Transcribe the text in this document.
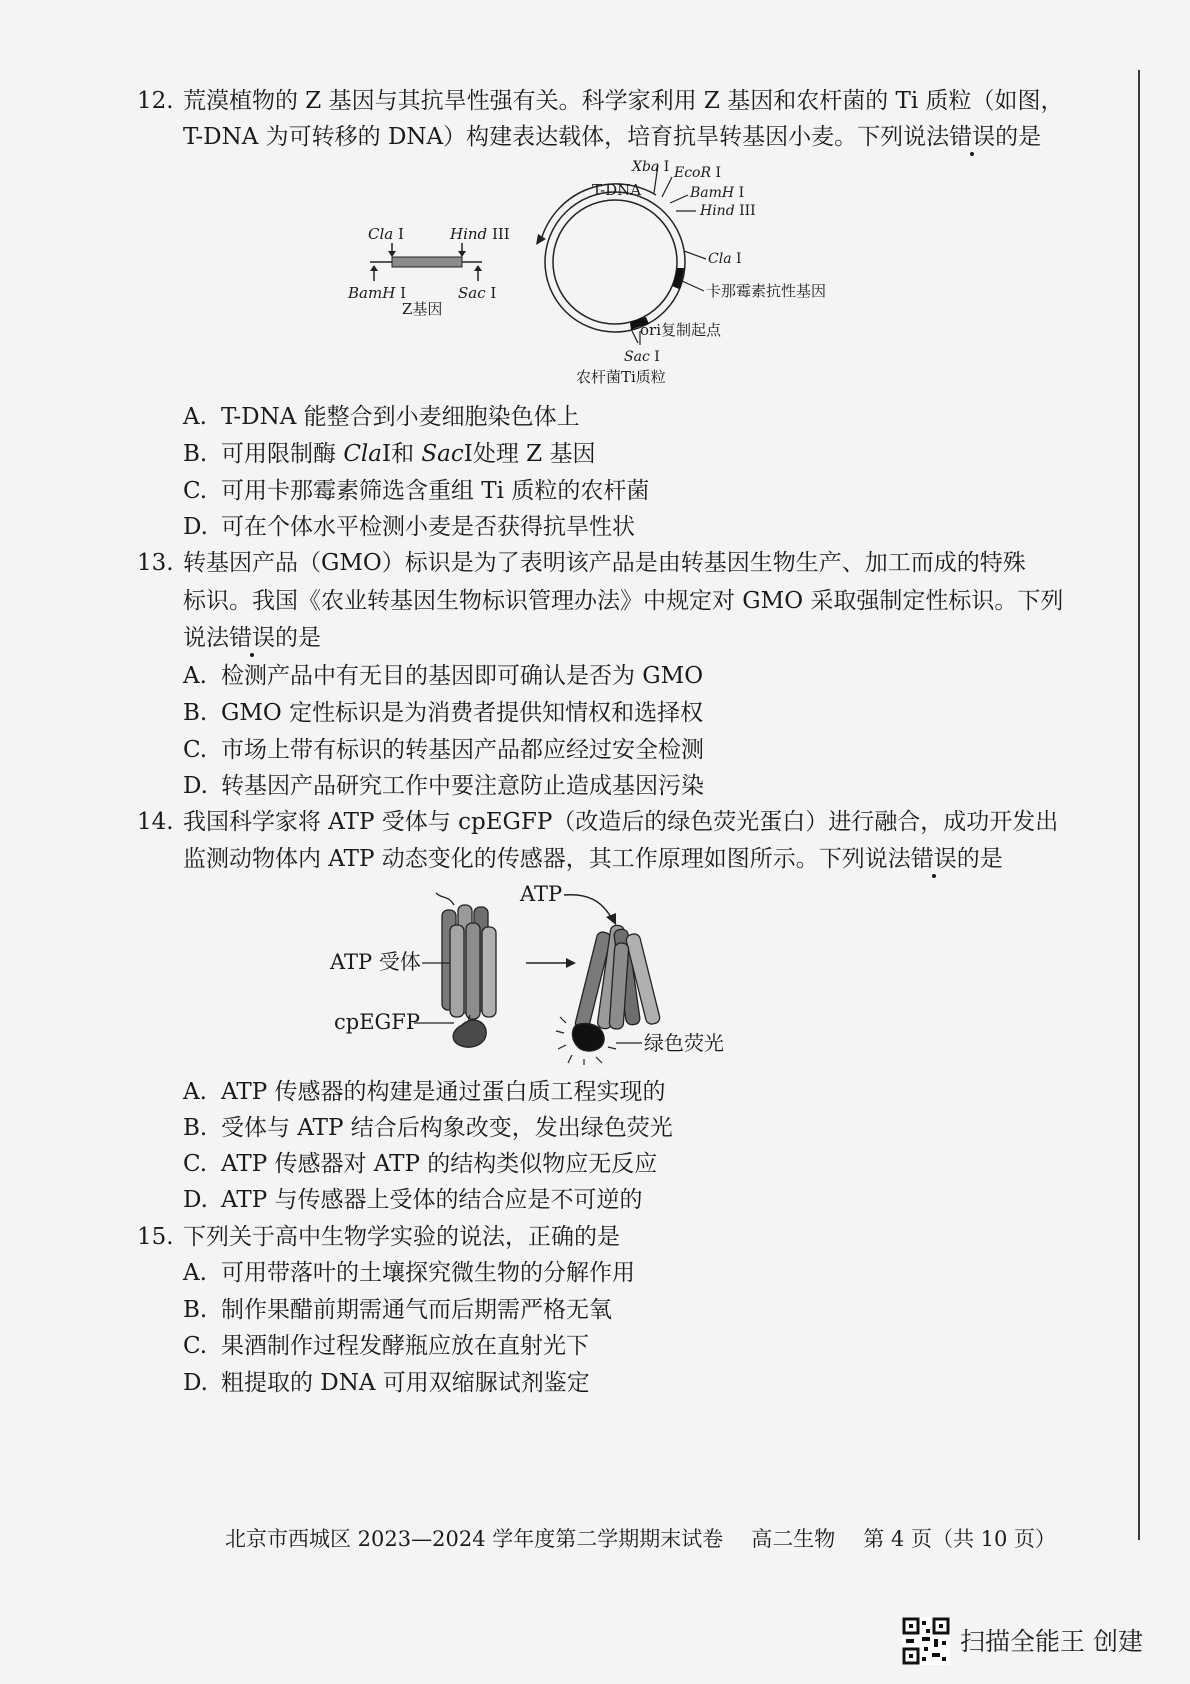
12. 荒漠植物的 Z 基因与其抗旱性强有关。科学家利用 Z 基因和农杆菌的 Ti 质粒（如图，
T-DNA 为可转移的 DNA）构建表达载体，培育抗旱转基因小麦。下列说法错误的是
Cla I	Hind III
BamH I	Sac I
Z基因
T-DNA
Xba I EcoR I
BamH I
Hind III
Cla I
卡那霉素抗性基因
ori复制起点
Sac I
农杆菌Ti质粒
A. T-DNA 能整合到小麦细胞染色体上
B. 可用限制酶 ClaⅠ和 SacⅠ处理 Z 基因
C. 可用卡那霉素筛选含重组 Ti 质粒的农杆菌
D. 可在个体水平检测小麦是否获得抗旱性状
13. 转基因产品（GMO）标识是为了表明该产品是由转基因生物生产、加工而成的特殊
标识。我国《农业转基因生物标识管理办法》中规定对 GMO 采取强制定性标识。下列
说法错误的是
A. 检测产品中有无目的基因即可确认是否为 GMO
B. GMO 定性标识是为消费者提供知情权和选择权
C. 市场上带有标识的转基因产品都应经过安全检测
D. 转基因产品研究工作中要注意防止造成基因污染
14. 我国科学家将 ATP 受体与 cpEGFP（改造后的绿色荧光蛋白）进行融合，成功开发出
监测动物体内 ATP 动态变化的传感器，其工作原理如图所示。下列说法错误的是
ATP 受体
cpEGFP
ATP
绿色荧光
A. ATP 传感器的构建是通过蛋白质工程实现的
B. 受体与 ATP 结合后构象改变，发出绿色荧光
C. ATP 传感器对 ATP 的结构类似物应无反应
D. ATP 与传感器上受体的结合应是不可逆的
15. 下列关于高中生物学实验的说法，正确的是
A. 可用带落叶的土壤探究微生物的分解作用
B. 制作果醋前期需通气而后期需严格无氧
C. 果酒制作过程发酵瓶应放在直射光下
D. 粗提取的 DNA 可用双缩脲试剂鉴定
北京市西城区 2023—2024 学年度第二学期期末试卷 高二生物 第 4 页（共 10 页）
扫描全能王 创建
